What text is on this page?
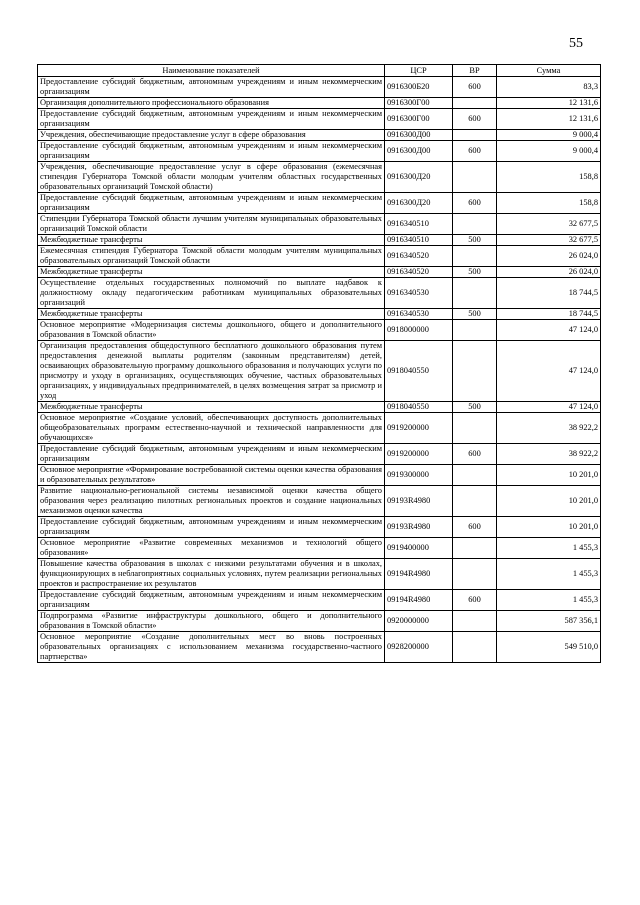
55
Наименование показателей	ЦСР	ВР	Сумма
Предоставление субсидий бюджетным, автономным учреждениям и иным некоммерческим организациям	0916300Б20	600	83,3
Организация дополнительного профессионального образования	0916300Г00		12 131,6
Предоставление субсидий бюджетным, автономным учреждениям и иным некоммерческим организациям	0916300Г00	600	12 131,6
Учреждения, обеспечивающие предоставление услуг в сфере образования	0916300Д00		9 000,4
Предоставление субсидий бюджетным, автономным учреждениям и иным некоммерческим организациям	0916300Д00	600	9 000,4
Учреждения, обеспечивающие предоставление услуг в сфере образования (ежемесячная стипендия Губернатора Томской области молодым учителям областных государственных образовательных организаций Томской области)	0916300Д20		158,8
Предоставление субсидий бюджетным, автономным учреждениям и иным некоммерческим организациям	0916300Д20	600	158,8
Стипендии Губернатора Томской области лучшим учителям муниципальных образовательных организаций Томской области	0916340510		32 677,5
Межбюджетные трансферты	0916340510	500	32 677,5
Ежемесячная стипендия Губернатора Томской области молодым учителям муниципальных образовательных организаций Томской области	0916340520		26 024,0
Межбюджетные трансферты	0916340520	500	26 024,0
Осуществление отдельных государственных полномочий по выплате надбавок к должностному окладу педагогическим работникам муниципальных образовательных организаций	0916340530		18 744,5
Межбюджетные трансферты	0916340530	500	18 744,5
Основное мероприятие «Модернизация системы дошкольного, общего и дополнительного образования в Томской области»	0918000000		47 124,0
Организация предоставления общедоступного бесплатного дошкольного образования путем предоставления денежной выплаты родителям (законным представителям) детей, осваивающих образовательную программу дошкольного образования и получающих услуги по присмотру и уходу в организациях, осуществляющих обучение, частных образовательных организациях, у индивидуальных предпринимателей, в целях возмещения затрат за присмотр и уход	0918040550		47 124,0
Межбюджетные трансферты	0918040550	500	47 124,0
Основное мероприятие «Создание условий, обеспечивающих доступность дополнительных общеобразовательных программ естественно-научной и технической направленности для обучающихся»	0919200000		38 922,2
Предоставление субсидий бюджетным, автономным учреждениям и иным некоммерческим организациям	0919200000	600	38 922,2
Основное мероприятие «Формирование востребованной системы оценки качества образования и образовательных результатов»	0919300000		10 201,0
Развитие национально-региональной системы независимой оценки качества общего образования через реализацию пилотных региональных проектов и создание национальных механизмов оценки качества	09193R4980		10 201,0
Предоставление субсидий бюджетным, автономным учреждениям и иным некоммерческим организациям	09193R4980	600	10 201,0
Основное мероприятие «Развитие современных механизмов и технологий общего образования»	0919400000		1 455,3
Повышение качества образования в школах с низкими результатами обучения и в школах, функционирующих в неблагоприятных социальных условиях, путем реализации региональных проектов и распространение их результатов	09194R4980		1 455,3
Предоставление субсидий бюджетным, автономным учреждениям и иным некоммерческим организациям	09194R4980	600	1 455,3
Подпрограмма «Развитие инфраструктуры дошкольного, общего и дополнительного образования в Томской области»	0920000000		587 356,1
Основное мероприятие «Создание дополнительных мест во вновь построенных образовательных организациях с использованием механизма государственно-частного партнерства»	0928200000		549 510,0
